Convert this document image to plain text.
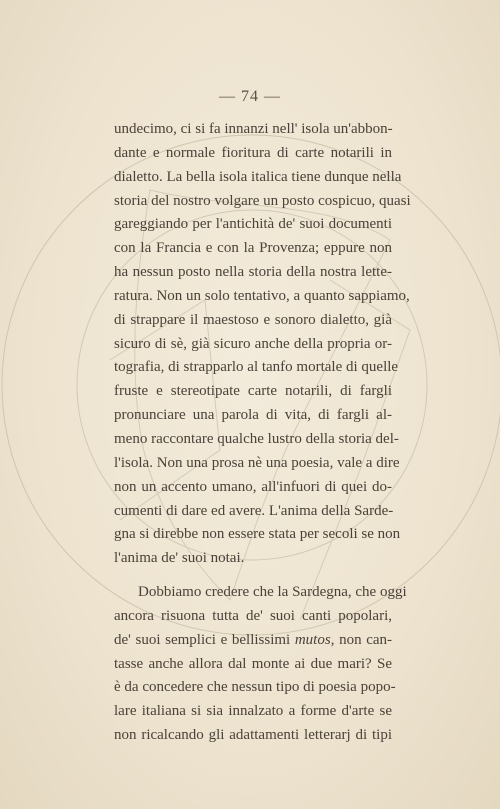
— 74 —
undecimo, ci si fa innanzi nell' isola un'abbon-
dante e normale fioritura di carte notarili in
dialetto. La bella isola italica tiene dunque nella
storia del nostro volgare un posto cospicuo, quasi
gareggiando per l'antichità de' suoi documenti
con la Francia e con la Provenza; eppure non
ha nessun posto nella storia della nostra lette-
ratura. Non un solo tentativo, a quanto sappiamo,
di strappare il maestoso e sonoro dialetto, già
sicuro di sè, già sicuro anche della propria or-
tografia, di strapparlo al tanfo mortale di quelle
fruste e stereotipate carte notarili, di fargli
pronunciare una parola di vita, di fargli al-
meno raccontare qualche lustro della storia del-
l'isola. Non una prosa nè una poesia, vale a dire
non un accento umano, all'infuori di quei do-
cumenti di dare ed avere. L'anima della Sarde-
gna si direbbe non essere stata per secoli se non
l'anima de' suoi notai.
Dobbiamo credere che la Sardegna, che oggi
ancora risuona tutta de' suoi canti popolari,
de' suoi semplici e bellissimi mutos, non can-
tasse anche allora dal monte ai due mari? Se
è da concedere che nessun tipo di poesia popo-
lare italiana si sia innalzato a forme d'arte se
non ricalcando gli adattamenti letterarj di tipi
